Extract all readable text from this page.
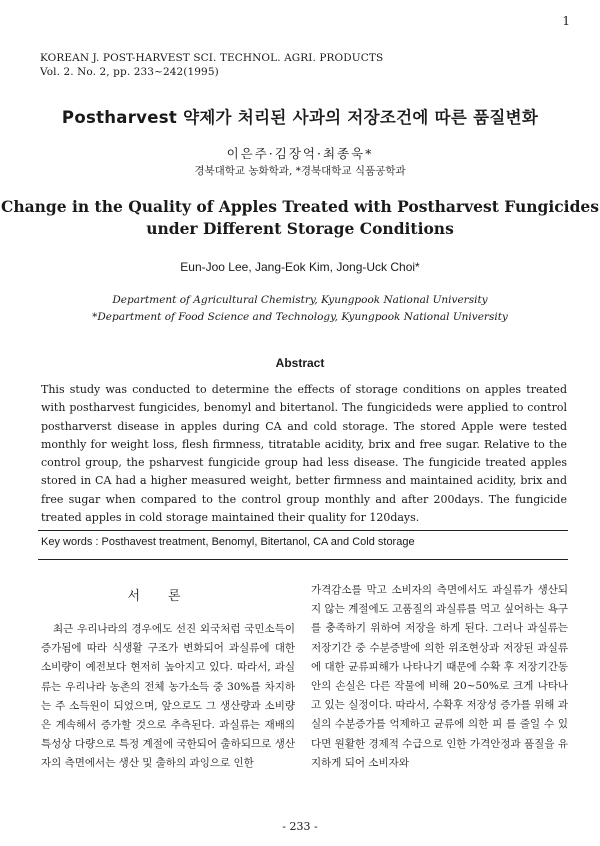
1
KOREAN J. POST-HARVEST SCI. TECHNOL. AGRI. PRODUCTS
Vol. 2. No. 2, pp. 233~242(1995)
Postharvest 약제가 처리된 사과의 저장조건에 따른 품질변화
이은주·김장억·최종욱*
경북대학교 농화학과, *경북대학교 식품공학과
Change in the Quality of Apples Treated with Postharvest Fungicides
under Different Storage Conditions
Eun-Joo Lee, Jang-Eok Kim, Jong-Uck Choi*
Department of Agricultural Chemistry, Kyungpook National University
*Department of Food Science and Technology, Kyungpook National University
Abstract

This study was conducted to determine the effects of storage conditions on apples treated with postharvest fungicides, benomyl and bitertanol. The fungicideds were applied to control postharverst disease in apples during CA and cold storage. The stored Apple were tested monthly for weight loss, flesh firmness, titratable acidity, brix and free sugar. Relative to the control group, the psharvest fungicide group had less disease. The fungicide treated apples stored in CA had a higher measured weight, better firmness and maintained acidity, brix and free sugar when compared to the control group monthly and after 200days. The fungicide treated apples in cold storage maintained their quality for 120days.

Key words : Posthavest treatment, Benomyl, Bitertanol, CA and Cold storage
서론

최근 우리나라의 경우에도 선진 외국처럼 국민소득이 증가됨에 따라 식생활 구조가 변화되어 과실류에 대한 소비량이 예전보다 현저히 높아지고 있다. 따라서, 과실류는 우리나라 농촌의 전체 농가소득 중 30%를 차지하는 주 소득원이 되었으며, 앞으로도 그 생산량과 소비량은 계속해서 증가할 것으로 추측된다. 과실류는 재배의 특성상 다량으로 특정 계절에 국한되어 출하되므로 생산자의 측면에서는 생산 및 출하의 과잉으로 인한

가격감소를 막고 소비자의 측면에서도 과실류가 생산되지 않는 계절에도 고품질의 과실류를 먹고 싶어하는 욕구를 충족하기 위하여 저장을 하게 된다. 그러나 과실류는 저장기간 중 수분증발에 의한 위조현상과 저장된 과실류에 대한 균류피해가 나타나기 때문에 수확 후 저장기간동안의 손실은 다른 작물에 비해 20~50%로 크게 나타나고 있는 실정이다. 따라서, 수확후 저장성 증가를 위해 과실의 수분증가를 억제하고 균류에 의한 피 를 줄일 수 있다면 원활한 경제적 수급으로 인한 가격안정과 품질을 유지하게 되어 소비자와

- 233 -
